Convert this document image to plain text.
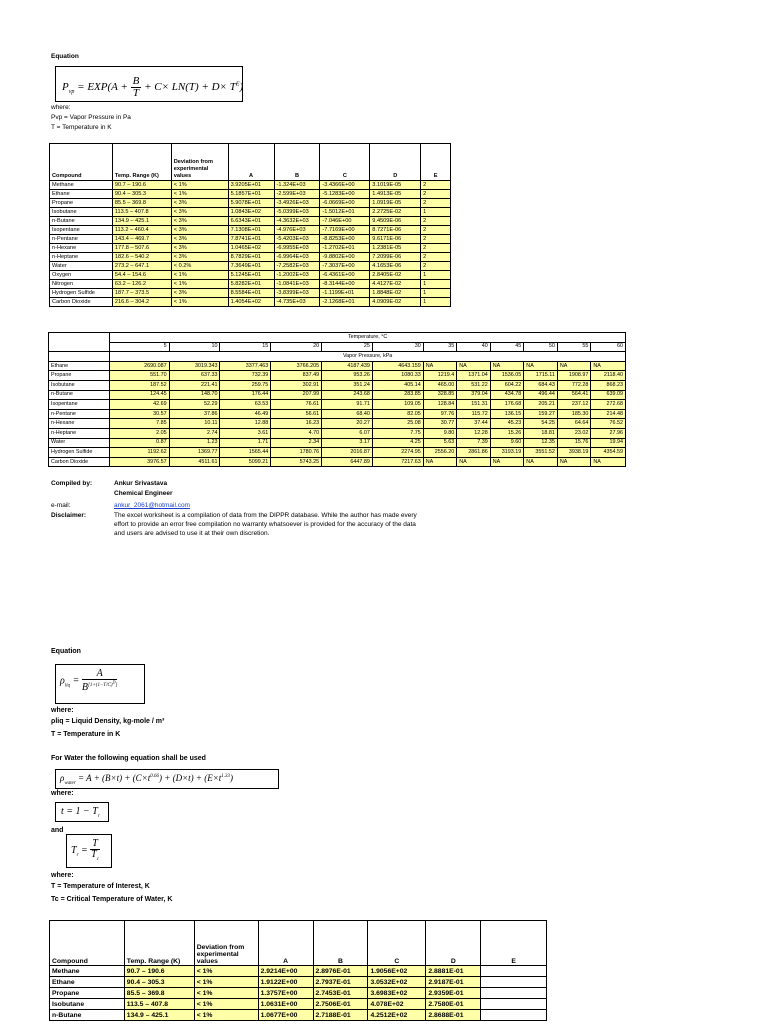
Equation
$P_{vp} = EXP(A + \frac{B}{T} + C\times LN(T) + D\times T^E)$
where:
Pvp = Vapor Pressure in Pa
T = Temperature in K
Compound	Temp. Range (K)	Deviation from experimental values	A	B	C	D	E
Methane	90.7 – 190.6	< 1%	3.9205E+01	-1.324E+03	-3.4366E+00	3.1019E-05	2
Ethane	90.4 – 305.3	< 1%	5.1857E+01	-2.599E+03	-5.1283E+00	1.4913E-05	2
Propane	85.5 – 369.8	< 3%	5.9078E+01	-3.4926E+03	-6.0669E+00	1.0919E-05	2
Isobutane	113.5 – 407.8	< 3%	1.0843E+02	-5.0399E+03	-1.5012E+01	2.2725E-02	1
n-Butane	134.9 – 425.1	< 3%	6.6343E+01	-4.3632E+03	-7.046E+00	9.4509E-06	2
Isopentane	113.2 – 460.4	< 3%	7.1308E+01	-4.976E+03	-7.7169E+00	8.7271E-06	2
n-Pentane	143.4 – 469.7	< 3%	7.8741E+01	-5.4203E+03	-8.8253E+00	9.6171E-06	2
n-Hexane	177.8 – 507.6	< 3%	1.0465E+02	-6.9955E+03	-1.2702E+01	1.2381E-05	2
n-Heptane	182.6 – 540.2	< 3%	8.7829E+01	-6.9964E+03	-9.8802E+00	7.2099E-06	2
Water	273.2 – 647.1	< 0.2%	7.3649E+01	-7.2582E+03	-7.3037E+00	4.1653E-06	2
Oxygen	54.4 – 154.6	< 1%	5.1245E+01	-1.2002E+03	-6.4361E+00	2.8405E-02	1
Nitrogen	63.2 – 126.2	< 1%	5.8282E+01	-1.0841E+03	-8.3144E+00	4.4127E-02	1
Hydrogen Sulfide	187.7 – 373.5	< 3%	8.5584E+01	-3.8399E+03	-1.1199E+01	1.8848E-02	1
Carbon Dioxide	216.6 – 304.2	< 1%	1.4054E+02	-4.735E+03	-2.1268E+01	4.0909E-02	1
	Temperature, °C											
	5	10	15	20	25	30	35	40	45	50	55	60
	Vapor Pressure, kPa											
Ethane	2690.087	3019.343	3377.463	3766.205	4187.439	4643.159	NA	NA	NA	NA	NA	NA
Propane	551.70	637.33	732.39	837.49	953.26	1080.33	1219.4	1371.04	1536.05	1715.11	1908.97	2118.40
Isobutane	187.52	221.41	259.75	302.91	351.24	405.14	465.00	531.22	604.22	684.43	772.28	868.23
n-Butane	124.45	148.70	176.44	207.99	243.68	283.85	328.85	379.04	434.78	496.44	564.41	639.09
Isopentane	42.69	52.29	63.53	76.61	91.71	109.05	128.84	151.31	176.68	205.21	237.12	272.68
n-Pentane	30.57	37.86	46.49	56.61	68.40	82.05	97.76	115.72	136.15	159.27	185.30	214.48
n-Hexane	7.85	10.11	12.88	16.23	20.27	25.08	30.77	37.44	45.23	54.25	64.64	76.52
n-Heptane	2.05	2.74	3.61	4.70	6.07	7.75	9.80	12.28	15.26	18.81	23.02	27.96
Water	0.87	1.23	1.71	2.34	3.17	4.25	5.63	7.39	9.60	12.35	15.76	19.94
Hydrogen Sulfide	1192.62	1369.77	1565.44	1780.76	2016.87	2274.95	2556.20	2861.86	3193.19	3551.52	3938.19	4354.59
Carbon Dioxide	3976.57	4511.61	5099.21	5743.25	6447.89	7217.63	NA	NA	NA	NA	NA	NA
Compiled by:	Ankur Srivastava
Chemical Engineer
e-mail:	ankur_2061@hotmail.com
Disclaimer:	The excel worksheet is a compilation of data from the DIPPR database. While the author has made every
effort to provide an error free compilation no warranty whatsoever is provided for the accuracy of the data
and users are advised to use it at their own discretion.
Equation
$\rho_{liq} = \frac{A}{B^{[1+(1-T/C)^D]}}$
where:
ρliq = Liquid Density, kg-mole / m³
T = Temperature in K
For Water the following equation shall be used
$\rho_{water} = A + (B\times t) + (C\times t^{0.66}) + (D\times t) + (E\times t^{1.33})$
where:
$t = 1 - T_r$
and
$T_r = \frac{T}{T_c}$
where:
T = Temperature of Interest, K
Tc = Critical Temperature of Water, K
Compound	Temp. Range (K)	Deviation from experimental values	A	B	C	D	E
Methane	90.7 – 190.6	< 1%	2.9214E+00	2.8976E-01	1.9056E+02	2.8881E-01	
Ethane	90.4 – 305.3	< 1%	1.9122E+00	2.7937E-01	3.0532E+02	2.9187E-01	
Propane	85.5 – 369.8	< 1%	1.3757E+00	2.7453E-01	3.6983E+02	2.9359E-01	
Isobutane	113.5 – 407.8	< 1%	1.0631E+00	2.7506E-01	4.078E+02	2.7580E-01	
n-Butane	134.9 – 425.1	< 1%	1.0677E+00	2.7188E-01	4.2512E+02	2.8688E-01	
